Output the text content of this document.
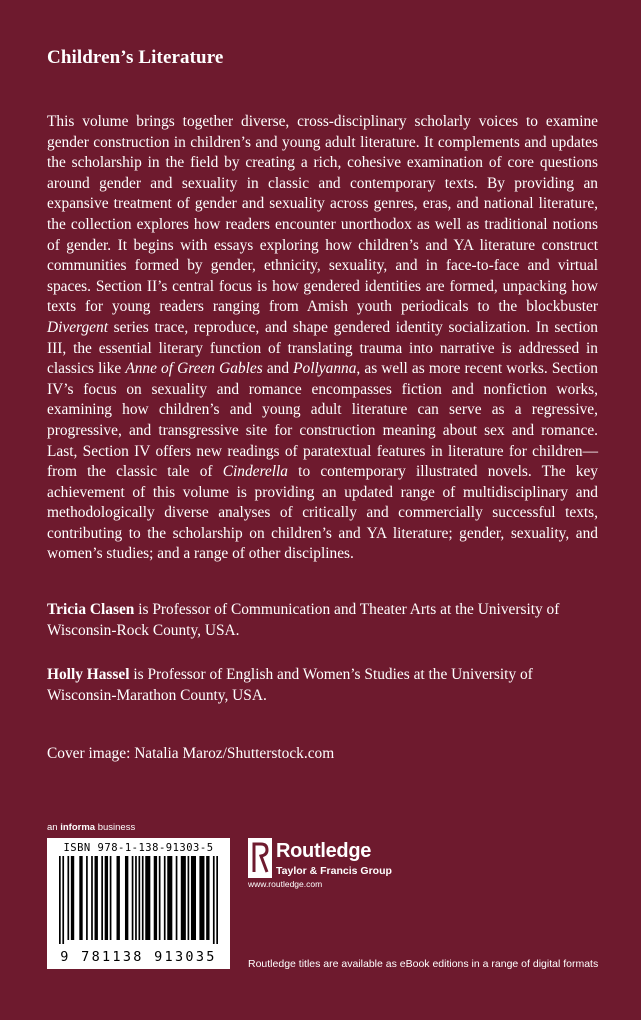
Children’s Literature

This volume brings together diverse, cross-disciplinary scholarly voices to examine gender construction in children’s and young adult literature. It complements and updates the scholarship in the field by creating a rich, cohesive examination of core questions around gender and sexuality in classic and contemporary texts. By providing an expansive treatment of gender and sexuality across genres, eras, and national literature, the collection explores how readers encounter unorthodox as well as traditional notions of gender. It begins with essays exploring how children’s and YA literature construct communities formed by gender, ethnicity, sexuality, and in face-to-face and virtual spaces. Section II’s central focus is how gendered identities are formed, unpacking how texts for young readers ranging from Amish youth periodicals to the blockbuster Divergent series trace, reproduce, and shape gendered identity socialization. In section III, the essential literary function of translating trauma into narrative is addressed in classics like Anne of Green Gables and Pollyanna, as well as more recent works. Section IV’s focus on sexuality and romance encompasses fiction and nonfiction works, examining how children’s and young adult literature can serve as a regressive, progressive, and transgressive site for construction meaning about sex and romance. Last, Section IV offers new readings of paratextual features in literature for children—from the classic tale of Cinderella to contemporary illustrated novels. The key achievement of this volume is providing an updated range of multidisciplinary and methodologically diverse analyses of critically and commercially successful texts, contributing to the scholarship on children’s and YA literature; gender, sexuality, and women’s studies; and a range of other disciplines.

Tricia Clasen is Professor of Communication and Theater Arts at the University of Wisconsin-Rock County, USA.

Holly Hassel is Professor of English and Women’s Studies at the University of Wisconsin-Marathon County, USA.

Cover image: Natalia Maroz/Shutterstock.com
an informa business
ISBN 978-1-138-91303-5
9 781138 913035
Routledge
Taylor & Francis Group
www.routledge.com
Routledge titles are available as eBook editions in a range of digital formats
